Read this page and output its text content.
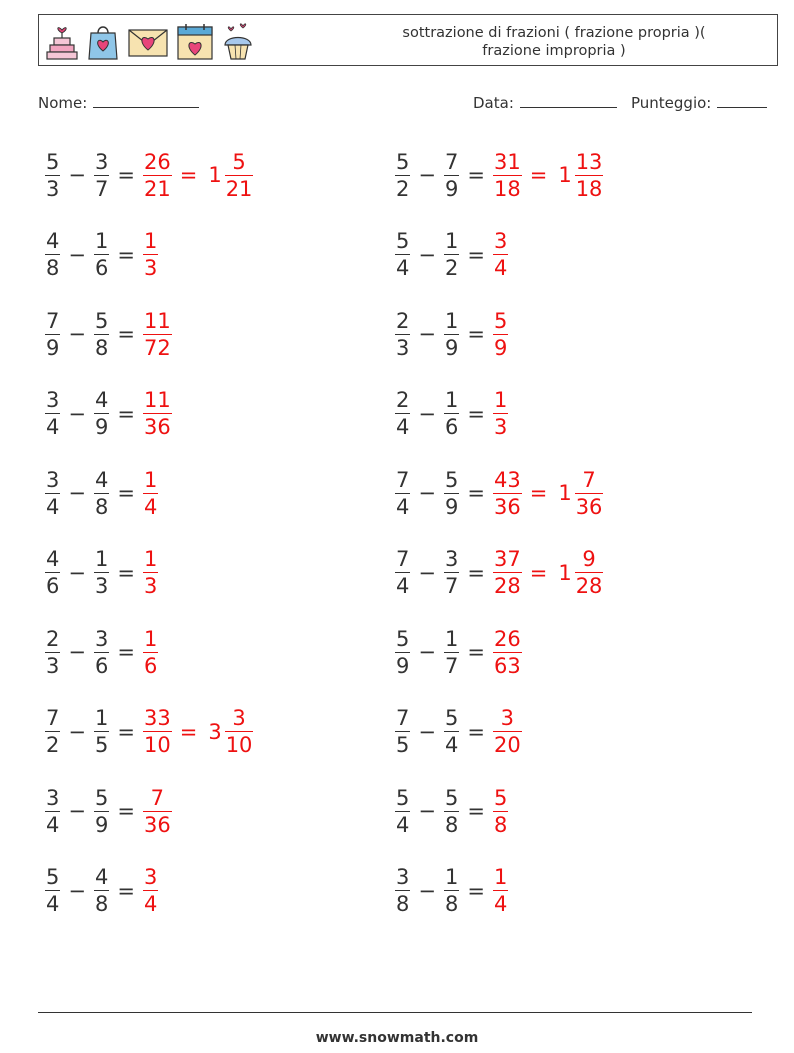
sottrazione di frazioni ( frazione propria )(
frazione impropria )
Nome:	Data:	Punteggio:
$\frac{5}{3} - \frac{3}{7} = \frac{26}{21} = 1 \frac{5}{21}$	$\frac{5}{2} - \frac{7}{9} = \frac{31}{18} = 1 \frac{13}{18}$
$\frac{4}{8} - \frac{1}{6} = \frac{1}{3}$	$\frac{5}{4} - \frac{1}{2} = \frac{3}{4}$
$\frac{7}{9} - \frac{5}{8} = \frac{11}{72}$	$\frac{2}{3} - \frac{1}{9} = \frac{5}{9}$
$\frac{3}{4} - \frac{4}{9} = \frac{11}{36}$	$\frac{2}{4} - \frac{1}{6} = \frac{1}{3}$
$\frac{3}{4} - \frac{4}{8} = \frac{1}{4}$	$\frac{7}{4} - \frac{5}{9} = \frac{43}{36} = 1 \frac{7}{36}$
$\frac{4}{6} - \frac{1}{3} = \frac{1}{3}$	$\frac{7}{4} - \frac{3}{7} = \frac{37}{28} = 1 \frac{9}{28}$
$\frac{2}{3} - \frac{3}{6} = \frac{1}{6}$	$\frac{5}{9} - \frac{1}{7} = \frac{26}{63}$
$\frac{7}{2} - \frac{1}{5} = \frac{33}{10} = 3 \frac{3}{10}$	$\frac{7}{5} - \frac{5}{4} = \frac{3}{20}$
$\frac{3}{4} - \frac{5}{9} = \frac{7}{36}$	$\frac{5}{4} - \frac{5}{8} = \frac{5}{8}$
$\frac{5}{4} - \frac{4}{8} = \frac{3}{4}$	$\frac{3}{8} - \frac{1}{8} = \frac{1}{4}$
www.snowmath.com
